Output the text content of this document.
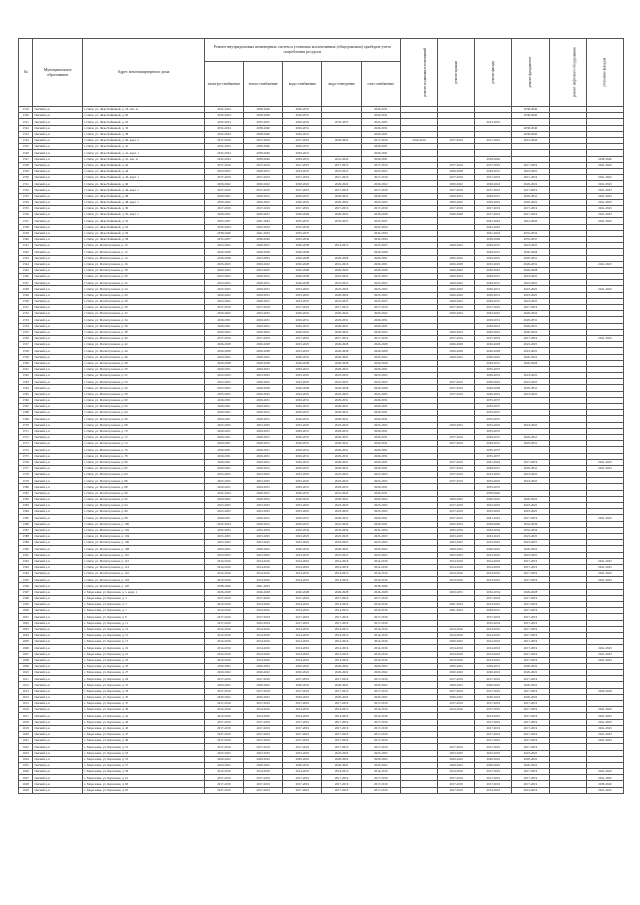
№	Муниципальное образование	Адрес многоквартирного дома	Ремонт внутридомовых инженерных систем и установка коллективных (общедомовых) приборов учета потребления ресурсов					ремонт подвальных помещений	ремонт крыши	ремонт фасада	ремонт фундамента	ремонт лифтового оборудования	утепление фасадов
			электро-снабжение	тепло-снабжение	водо-снабжение	водо-отведение	газо-снабжение						
1519	Омский р-н	г. Омск, ул. Лизы Чайкиной, д. 18, лит. А	2032-2034	2038-2040	2029-2031		2029-2031				2038-2040		
1520	Омский р-н	г. Омск, ул. Лизы Чайкиной, д. 20	2032-2034	2038-2040	2029-2031		2029-2031				2038-2040		
1521	Омский р-н	г. Омск, ул. Лизы Чайкиной, д. 22	2032-2034	2035-2037	2020-2022	2035-2037	2023-2025			2023-2025			
1522	Омский р-н	г. Омск, ул. Лизы Чайкиной, д. 32	2032-2034	2038-2040	2029-2031		2029-2031				2038-2040		
1523	Омский р-н	г. Омск, ул. Лизы Чайкиной, д. 38	2032-2034	2038-2040	2029-2031		2029-2031				2038-2040		
1524	Омский р-н	г. Омск, ул. Лизы Чайкиной, д. 40, корп. 2	2017-2019	2017-2019	2017-2019	2020-2022	2017-2019	2014-2016	2017-2019	2017-2019	2041-2043		
1525	Омский р-н	г. Омск, ул. Лизы Чайкиной, д. 41	2032-2034	2038-2040	2029-2031		2029-2031						
1526	Омский р-н	г. Омск, ул. Лизы Чайкиной, д. 41, корп. 1	2032-2034	2038-2040	2029-2031		2029-2031						
1527	Омский р-н	г. Омск, ул. Лизы Чайкиной, д. 41, лит. А	2032-2034	2038-2040	2029-2031	2041-2043	2029-2031			2038-2040			2038-2040
1528	Омский р-н	г. Омск, ул. Лизы Чайкиной, д. 42	2017-2019	2017-2019	2017-2019	2017-2019	2017-2019		2017-2019	2017-2019	2017-2019		2041-2043
1529	Омский р-н	г. Омск, ул. Лизы Чайкиной, д. 44	2023-2025	2029-2031	2023-2025	2023-2025	2023-2025		2026-2028	2029-2031	2023-2025		
1530	Омский р-н	г. Омск, ул. Лизы Чайкиной, д. 44, корп. 1	2017-2019	2017-2019	2017-2019	2017-2019	2017-2019		2017-2019	2017-2019	2017-2019		2041-2043
1531	Омский р-н	г. Омск, ул. Лизы Чайкиной, д. 46	2020-2022	2020-2022	2020-2022	2020-2022	2020-2022		2020-2022	2020-2022	2020-2022		2041-2043
1532	Омский р-н	г. Омск, ул. Лизы Чайкиной, д. 46, корп. 1	2017-2019	2017-2019	2017-2019	2017-2019	2017-2019		2017-2019	2017-2019	2017-2019		2041-2043
1533	Омский р-н	г. Омск, ул. Лизы Чайкиной, д. 48	2029-2031	2029-2031	2029-2031	2029-2031	2029-2031		2029-2031	2029-2031	2029-2031		2041-2043
1534	Омский р-н	г. Омск, ул. Лизы Чайкиной, д. 48, корп. 1	2020-2022	2020-2022	2020-2022	2020-2022	2020-2022		2020-2022	2020-2022	2020-2022		2041-2043
1535	Омский р-н	г. Омск, ул. Лизы Чайкиной, д. 50	2017-2019	2017-2019	2017-2019	2017-2019	2017-2019		2017-2019	2017-2019	2017-2019		2041-2043
1536	Омский р-н	г. Омск, ул. Лизы Чайкиной, д. 50, корп. 1	2029-2031	2029-2031	2026-2028	2029-2031	2026-2028		2026-2028	2017-2019	2017-2019		2041-2043
1537	Омский р-н	г. Омск, ул. Лизы Чайкиной, д. 52	2035-2037	2041-2043	2035-2037	2035-2037	2035-2037			2041-2043	2041-2043		2041-2043
1538	Омский р-н	г. Омск, ул. Лизы Чайкиной, д. 54	2032-2034	2032-2034	2032-2034		2032-2034			2041-2043			
1539	Омский р-н	г. Омск, ул. Лизы Чайкиной, д. 56	2038-2040	2041-2043	2035-2037		2032-2034			2041-2043	2032-2034		
1540	Омский р-н	г. Омск, ул. Лизы Чайкиной, д. 58	2035-2037	2038-2040	2032-2034		2032-2034			2038-2040	2035-2037		
1541	Омский р-н	г. Омск, ул. Магистральная, д. 10	2023-2025	2029-2031	2026-2028	2014-2016	2023-2025		2020-2022	2029-2031	2023-2025		
1542	Омский р-н	г. Омск, ул. Магистральная, д. 12	2026-2028	2026-2028	2026-2028		2026-2028			2029-2031	2026-2028		
1543	Омский р-н	г. Омск, ул. Магистральная, д. 14	2026-2028	2023-2025	2026-2028	2026-2028	2029-2031		2020-2022	2023-2025	2029-2031		
1544	Омский р-н	г. Омск, ул. Магистральная, д. 16	2023-2025	2020-2022	2026-2028	2014-2016	2029-2031		2026-2028	2023-2025	2029-2031		2041-2043
1545	Омский р-н	г. Омск, ул. Магистральная, д. 18	2020-2022	2023-2025	2026-2028	2020-2022	2026-2028		2020-2022	2020-2022	2026-2028		
1546	Омский р-н	г. Омск, ул. Магистральная, д. 20	2023-2025	2029-2031	2026-2028	2023-2025	2023-2025		2020-2022	2029-2031	2023-2025		
1547	Омский р-н	г. Омск, ул. Магистральная, д. 22	2023-2025	2029-2031	2026-2028	2023-2025	2023-2025		2020-2022	2029-2031	2023-2025		
1548	Омский р-н	г. Омск, ул. Магистральная, д. 24	2023-2025	2029-2031	2023-2025	2023-2025	2023-2025		2020-2022	2029-2031	2023-2025		2041-2043
1549	Омский р-н	г. Омск, ул. Магистральная, д. 26	2020-2022	2029-2031	2023-2025	2020-2022	2023-2025		2020-2022	2029-2031	2023-2025		
1550	Омский р-н	г. Омск, ул. Магистральная, д. 28	2023-2025	2029-2031	2023-2025	2023-2025	2023-2025		2020-2022	2029-2031	2023-2025		
1551	Омский р-н	г. Омск, ул. Магистральная, д. 30	2017-2019	2017-2019	2017-2019	2017-2019	2017-2019		2017-2019	2017-2019	2017-2019		
1552	Омский р-н	г. Омск, ул. Магистральная, д. 32	2020-2022	2023-2025	2020-2022	2020-2022	2020-2022		2020-2022	2023-2025	2020-2022		
1553	Омский р-н	г. Омск, ул. Магистральная, д. 34	2029-2031	2029-2031	2029-2031	2029-2031	2029-2031			2029-2031	2029-2031		
1554	Омский р-н	г. Омск, ул. Магистральная, д. 36	2029-2031	2029-2031	2029-2031	2029-2031	2029-2031			2029-2031	2029-2031		
1555	Омский р-н	г. Омск, ул. Магистральная, д. 38	2020-2022	2020-2022	2020-2022	2020-2022	2020-2022		2020-2022	2020-2022	2020-2022		
1556	Омский р-н	г. Омск, ул. Магистральная, д. 40	2017-2019	2017-2019	2017-2019	2017-2019	2017-2019		2017-2019	2017-2019	2017-2019		2041-2043
1557	Омский р-н	г. Омск, ул. Магистральная, д. 42	2026-2028	2026-2028	2023-2025	2026-2028	2026-2028		2026-2028	2026-2028	2023-2025		
1558	Омский р-н	г. Омск, ул. Магистральная, д. 44	2026-2028	2026-2028	2023-2025	2026-2028	2026-2028		2026-2028	2026-2028	2023-2025		
1559	Омский р-н	г. Омск, ул. Магистральная, д. 46	2020-2022	2020-2022	2020-2022	2020-2022	2020-2022		2020-2022	2020-2022	2020-2022		
1560	Омский р-н	г. Омск, ул. Магистральная, д. 48	2026-2028	2026-2028	2026-2028	2026-2028	2026-2028			2029-2031	2026-2028		
1561	Омский р-н	г. Омск, ул. Магистральная, д. 50	2029-2031	2029-2031	2029-2031	2029-2031	2029-2031			2035-2037			
1562	Омский р-н	г. Омск, ул. Магистральная, д. 52	2023-2025	2023-2025	2023-2025	2023-2025	2023-2025			2029-2031	2023-2025		
1563	Омский р-н	г. Омск, ул. Магистральная, д. 54	2023-2025	2020-2022	2023-2025	2023-2025	2023-2025		2017-2019	2020-2022	2023-2025		
1564	Омский р-н	г. Омск, ул. Магистральная, д. 56	2023-2025	2026-2028	2026-2028	2026-2028	2026-2028		2017-2019	2026-2028	2029-2031		
1565	Омский р-н	г. Омск, ул. Магистральная, д. 58	2023-2025	2020-2022	2023-2025	2023-2025	2023-2025		2017-2019	2020-2022	2023-2025		
1566	Омский р-н	г. Омск, ул. Магистральная, д. 60	2029-2031	2029-2031	2029-2031	2029-2031	2029-2031			2035-2037			
1567	Омский р-н	г. Омск, ул. Магистральная, д. 62	2029-2031	2029-2031	2029-2031	2029-2031	2029-2031			2035-2037			
1568	Омский р-н	г. Омск, ул. Магистральная, д. 64	2029-2031	2029-2031	2029-2031	2029-2031	2029-2031			2035-2037			
1569	Омский р-н	г. Омск, ул. Магистральная, д. 66	2029-2031	2029-2031	2029-2031	2029-2031	2029-2031			2035-2037			
1570	Омский р-н	г. Омск, ул. Магистральная, д. 68	2023-2025	2023-2025	2023-2025	2023-2025	2023-2025		2029-2031	2023-2025	2023-2025		
1571	Омский р-н	г. Омск, ул. Магистральная, д. 70	2029-2031	2029-2031	2029-2031	2029-2031	2029-2031			2035-2037			
1572	Омский р-н	г. Омск, ул. Магистральная, д. 72	2029-2031	2029-2031	2029-2031	2029-2031	2029-2031		2017-2019	2029-2031	2029-2031		
1573	Омский р-н	г. Омск, ул. Магистральная, д. 74	2029-2031	2029-2031	2029-2031	2029-2031	2029-2031		2017-2019	2029-2031	2029-2031		
1574	Омский р-н	г. Омск, ул. Магистральная, д. 76	2029-2031	2029-2031	2029-2031	2029-2031	2029-2031			2035-2037			
1575	Омский р-н	г. Омск, ул. Магистральная, д. 78	2029-2031	2029-2031	2029-2031	2029-2031	2029-2031			2035-2037			
1576	Омский р-н	г. Омск, ул. Магистральная, д. 80	2029-2031	2029-2031	2029-2031	2029-2031	2029-2031		2017-2019	2041-2043	2017-2019		2041-2043
1577	Омский р-н	г. Омск, ул. Магистральная, д. 82	2029-2031	2029-2031	2029-2031	2029-2031	2029-2031		2017-2019	2029-2031	2029-2031		2041-2043
1578	Омский р-н	г. Омск, ул. Магистральная, д. 84	2023-2025	2023-2025	2023-2025	2023-2025	2023-2025		2017-2019	2023-2025	2023-2025		
1579	Омский р-н	г. Омск, ул. Магистральная, д. 86	2023-2025	2023-2025	2023-2025	2023-2025	2023-2025		2017-2019	2023-2025	2023-2025		
1580	Омский р-н	г. Омск, ул. Магистральная, д. 88	2029-2031	2029-2031	2029-2031	2029-2031	2029-2031			2035-2037			
1581	Омский р-н	г. Омск, ул. Магистральная, д. 90	2032-2034	2029-2031	2029-2031	2041-2043	2029-2031			2038-2040			
1582	Омский р-н	г. Омск, ул. Магистральная, д. 92	2020-2022	2020-2022	2020-2022	2020-2022	2020-2022		2020-2022	2020-2022	2020-2022		
1583	Омский р-н	г. Омск, ул. Магистральная, д. 94	2023-2025	2023-2025	2023-2025	2023-2025	2023-2025		2017-2019	2023-2025	2023-2025		
1584	Омский р-н	г. Омск, ул. Магистральная, д. 96	2023-2025	2023-2025	2023-2025	2023-2025	2023-2025		2017-2019	2023-2025	2023-2025		
1585	Омский р-н	г. Омск, ул. Магистральная, д. 98	2029-2031	2029-2031	2029-2031	2029-2031	2029-2031		2017-2019	2041-2043	2017-2019		2041-2043
1586	Омский р-н	г. Омск, ул. Магистральная, д. 100	2032-2034	2029-2031	2029-2031	2041-2043	2029-2031		2032-2034	2038-2040	2032-2034		
1587	Омский р-н	г. Омск, ул. Магистральная, д. 102	2032-2034	2032-2034	2032-2034	2032-2034	2032-2034		2032-2034	2032-2034	2032-2034		
1588	Омский р-н	г. Омск, ул. Магистральная, д. 104	2023-2025	2023-2025	2023-2025	2023-2025	2023-2025		2023-2025	2023-2025	2023-2025		
1589	Омский р-н	г. Омск, ул. Магистральная, д. 106	2023-2025	2023-2025	2023-2025	2023-2025	2023-2025		2023-2025	2023-2025	2023-2025		
1590	Омский р-н	г. Омск, ул. Магистральная, д. 108	2020-2022	2020-2022	2020-2022	2020-2022	2020-2022		2020-2022	2020-2022	2020-2022		
1591	Омский р-н	г. Омск, ул. Магистральная, д. 110	2023-2025	2023-2025	2023-2025	2023-2025	2023-2025		2023-2025	2023-2025	2023-2025		
1592	Омский р-н	г. Омск, ул. Магистральная, д. 112	2014-2016	2014-2016	2014-2016	2014-2016	2014-2016		2014-2016	2014-2016	2017-2019		2041-2043
1593	Омский р-н	г. Омск, ул. Магистральная, д. 114	2014-2016	2014-2016	2014-2016	2014-2016	2014-2016		2014-2016	2014-2016	2017-2019		2041-2043
1594	Омский р-н	г. Омск, ул. Магистральная, д. 116	2014-2016	2014-2016	2014-2016	2014-2016	2014-2016		2014-2016	2014-2016	2017-2019		2041-2043
1595	Омский р-н	г. Омск, ул. Магистральная, д. 118	2014-2016	2014-2016	2014-2016	2014-2016	2014-2016		2014-2016	2014-2016	2017-2019		2041-2043
1596	Омский р-н	г. Омск, ул. Магистральная, д. 120	2038-2040	2041-2043			2038-2040						
1597	Омский р-н	с. Морозовка, ул. Березовая, д. 1, корп. 1	2026-2028	2026-2028	2026-2028	2026-2028	2026-2028		2029-2031	2032-2034	2026-2028		
1598	Омский р-н	с. Морозовка, ул. Березовая, д. 3	2017-2019	2017-2019	2017-2019	2017-2019	2017-2019			2017-2019	2017-2019		
1599	Омский р-н	с. Морозовка, ул. Березовая, д. 5	2014-2016	2014-2016	2014-2016	2014-2016	2014-2016		2041-2043	2014-2016	2017-2019		
1600	Омский р-н	с. Морозовка, ул. Березовая, д. 7	2014-2016	2014-2016	2014-2016	2014-2016	2014-2016		2041-2043	2029-2031	2017-2019		
1601	Омский р-н	с. Морозовка, ул. Березовая, д. 9	2017-2019	2017-2019	2017-2019	2017-2019	2017-2019			2017-2019	2017-2019		
1602	Омский р-н	с. Морозовка, ул. Березовая, д. 11	2017-2019	2032-2034	2017-2019	2017-2019	2017-2019			2032-2034	2017-2019		
1603	Омский р-н	с. Морозовка, ул. Березовая, д. 13	2014-2016	2014-2016	2014-2016	2014-2016	2014-2016		2014-2016	2014-2016	2017-2019		
1604	Омский р-н	с. Морозовка, ул. Березовая, д. 15	2014-2016	2014-2016	2014-2016	2014-2016	2014-2016		2014-2016	2014-2016	2017-2019		
1605	Омский р-н	с. Морозовка, ул. Березовая, д. 17	2014-2016	2014-2016	2014-2016	2014-2016	2014-2016		2020-2022	2014-2016	2017-2019		
1606	Омский р-н	с. Морозовка, ул. Березовая, д. 19	2014-2016	2014-2016	2014-2016	2014-2016	2014-2016		2014-2016	2014-2016	2017-2019		2041-2043
1607	Омский р-н	с. Морозовка, ул. Березовая, д. 21	2014-2016	2014-2016	2014-2016	2014-2016	2014-2016		2014-2016	2014-2016	2017-2019		2041-2043
1608	Омский р-н	с. Морозовка, ул. Березовая, д. 23	2014-2016	2014-2016	2014-2016	2014-2016	2014-2016		2014-2016	2014-2016	2017-2019		2041-2043
1609	Омский р-н	с. Морозовка, ул. Березовая, д. 25	2020-2022	2020-2022	2020-2022	2020-2022	2020-2022		2020-2022	2029-2031	2020-2022		
1610	Омский р-н	с. Морозовка, ул. Березовая, д. 27	2020-2022	2020-2022	2020-2022	2020-2022	2020-2022		2020-2022	2020-2022	2020-2022		
1611	Омский р-н	с. Морозовка, ул. Березовая, д. 29	2017-2019	2017-2019	2017-2019	2017-2019	2017-2019		2017-2019	2017-2019	2017-2019		
1612	Омский р-н	с. Морозовка, ул. Березовая, д. 31	2020-2022	2020-2022	2020-2022	2020-2022	2020-2022		2020-2022	2020-2022	2020-2022		
1613	Омский р-н	с. Морозовка, ул. Березовая, д. 33	2017-2019	2017-2019	2017-2019	2017-2019	2017-2019		2017-2019	2017-2019	2017-2019		2026-2028
1614	Омский р-н	с. Морозовка, ул. Березовая, д. 35	2020-2022	2020-2022	2020-2022	2020-2022	2020-2022		2020-2022	2020-2022	2020-2022		
1615	Омский р-н	с. Морозовка, ул. Березовая, д. 37	2017-2019	2017-2019	2017-2019	2017-2019	2017-2019		2017-2019	2017-2019	2017-2019		
1616	Омский р-н	с. Морозовка, ул. Березовая, д. 39	2014-2016	2014-2016	2014-2016	2014-2016	2014-2016		2014-2016	2017-2019	2017-2019		2041-2043
1617	Омский р-н	с. Морозовка, ул. Березовая, д. 41	2014-2016	2014-2016	2014-2016	2014-2016	2014-2016			2014-2016	2017-2019		2041-2043
1618	Омский р-н	с. Морозовка, ул. Березовая, д. 43	2017-2019	2017-2019	2017-2019	2017-2019	2017-2019			2017-2019	2017-2019		2041-2043
1619	Омский р-н	с. Морозовка, ул. Березовая, д. 45	2017-2019	2017-2019	2017-2019	2017-2019	2017-2019			2017-2019	2017-2019		2041-2043
1620	Омский р-н	с. Морозовка, ул. Березовая, д. 47	2017-2019	2017-2019	2017-2019	2017-2019	2017-2019			2017-2019	2017-2019		2041-2043
1621	Омский р-н	с. Морозовка, ул. Березовая, д. 49	2017-2019	2017-2019	2017-2019	2017-2019	2017-2019			2017-2019	2017-2019		2041-2043
1622	Омский р-н	с. Морозовка, ул. Березовая, д. 51	2017-2019	2017-2019	2017-2019	2017-2019	2017-2019		2017-2019	2017-2019	2017-2019		
1623	Омский р-н	с. Морозовка, ул. Березовая, д. 53	2023-2025	2023-2025	2023-2025	2023-2025	2023-2025		2023-2025	2023-2025	2023-2025		
1624	Омский р-н	с. Морозовка, ул. Березовая, д. 55	2020-2022	2020-2022	2020-2022	2020-2022	2020-2022		2020-2022	2020-2022	2020-2022		
1625	Омский р-н	с. Морозовка, ул. Березовая, д. 57	2020-2022	2020-2022	2020-2022	2020-2022	2020-2022		2020-2022	2020-2022	2020-2022		
1626	Омский р-н	с. Морозовка, ул. Березовая, д. 59	2014-2016	2014-2016	2014-2016	2014-2016	2014-2016		2014-2016	2017-2019	2017-2019		2041-2043
1627	Омский р-н	с. Морозовка, ул. Березовая, д. 61	2017-2019	2017-2019	2017-2019	2017-2019	2017-2019		2017-2019	2017-2019	2017-2019		2041-2043
1628	Омский р-н	с. Морозовка, ул. Березовая, д. 63	2017-2019	2017-2019	2017-2019	2017-2019	2017-2019		2017-2019	2017-2019	2017-2019		2038-2040
1629	Омский р-н	с. Морозовка, ул. Березовая, д. 65	2017-2019	2017-2019	2017-2019	2017-2019	2017-2019		2017-2019	2014-2016	2014-2016		2041-2043
